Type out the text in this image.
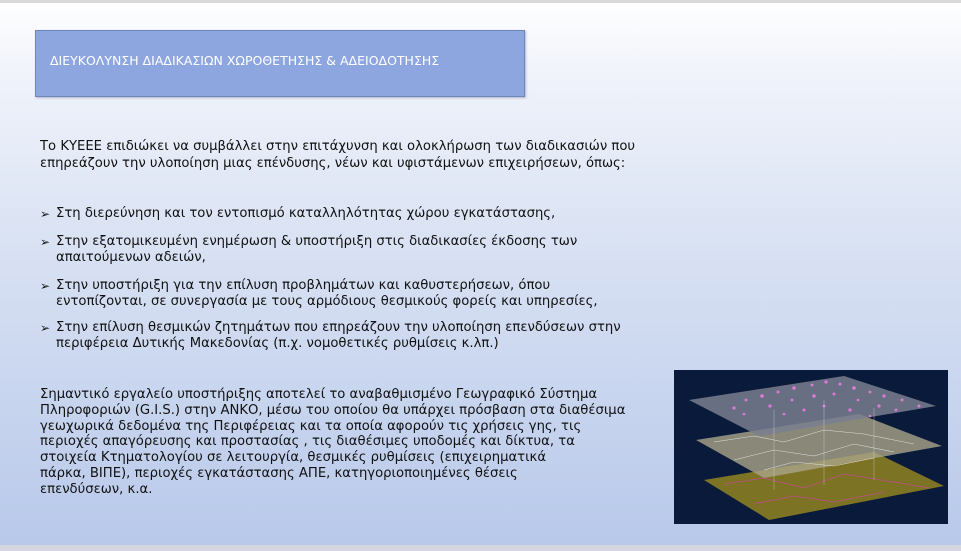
ΔΙΕΥΚΟΛΥΝΣΗ ΔΙΑΔΙΚΑΣΙΩΝ ΧΩΡΟΘΕΤΗΣΗΣ & ΑΔΕΙΟΔΟΤΗΣΗΣ
Το ΚΥΕΕΕ επιδιώκει να συμβάλλει στην επιτάχυνση και ολοκλήρωση των διαδικασιών που
επηρεάζουν την υλοποίηση μιας επένδυσης, νέων και υφιστάμενων επιχειρήσεων, όπως:
➢ Στη διερεύνηση και τον εντοπισμό καταλληλότητας χώρου εγκατάστασης,
➢ Στην εξατομικευμένη ενημέρωση & υποστήριξη στις διαδικασίες έκδοσης των
απαιτούμενων αδειών,
➢ Στην υποστήριξη για την επίλυση προβλημάτων και καθυστερήσεων, όπου
εντοπίζονται, σε συνεργασία με τους αρμόδιους θεσμικούς φορείς και υπηρεσίες,
➢ Στην επίλυση θεσμικών ζητημάτων που επηρεάζουν την υλοποίηση επενδύσεων στην
περιφέρεια Δυτικής Μακεδονίας (π.χ. νομοθετικές ρυθμίσεις κ.λπ.)
Σημαντικό εργαλείο υποστήριξης αποτελεί το αναβαθμισμένο Γεωγραφικό Σύστημα
Πληροφοριών (G.I.S.) στην ΑΝΚΟ, μέσω του οποίου θα υπάρχει πρόσβαση στα διαθέσιμα
γεωχωρικά δεδομένα της Περιφέρειας και τα οποία αφορούν τις χρήσεις γης, τις
περιοχές απαγόρευσης και προστασίας , τις διαθέσιμες υποδομές και δίκτυα, τα
στοιχεία Κτηματολογίου σε λειτουργία, θεσμικές ρυθμίσεις (επιχειρηματικά
πάρκα, ΒΙΠΕ), περιοχές εγκατάστασης ΑΠΕ, κατηγοριοποιημένες θέσεις
επενδύσεων, κ.α.
